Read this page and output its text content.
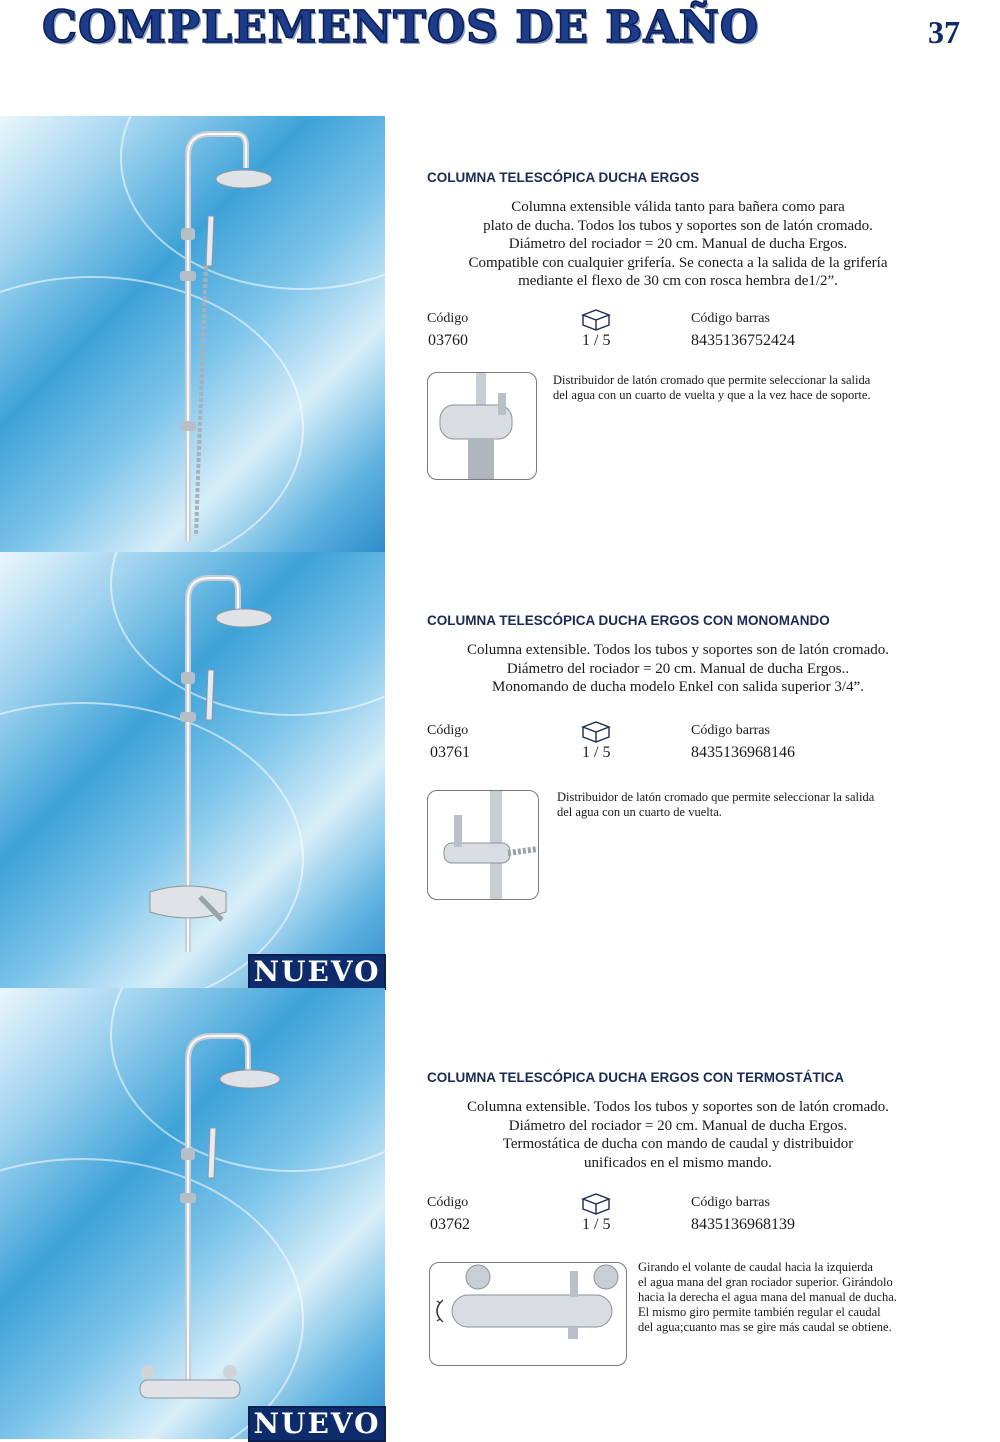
COMPLEMENTOS DE BAÑO	37
COLUMNA TELESCÓPICA DUCHA ERGOS
Columna extensible válida tanto para bañera como para
plato de ducha. Todos los tubos y soportes son de latón cromado.
Diámetro del rociador = 20 cm. Manual de ducha Ergos.
Compatible con cualquier grifería. Se conecta a la salida de la grifería
mediante el flexo de 30 cm con rosca hembra de1/2”.
Código	Código barras
03760	1 / 5	8435136752424
Distribuidor de latón cromado que permite seleccionar la salida
del agua con un cuarto de vuelta y que a la vez hace de soporte.
NUEVO
COLUMNA TELESCÓPICA DUCHA ERGOS CON MONOMANDO
Columna extensible. Todos los tubos y soportes son de latón cromado.
Diámetro del rociador = 20 cm. Manual de ducha Ergos..
Monomando de ducha modelo Enkel con salida superior 3/4”.
Código	Código barras
03761	1 / 5	8435136968146
Distribuidor de latón cromado que permite seleccionar la salida
del agua con un cuarto de vuelta.
NUEVO
COLUMNA TELESCÓPICA DUCHA ERGOS CON TERMOSTÁTICA
Columna extensible. Todos los tubos y soportes son de latón cromado.
Diámetro del rociador = 20 cm. Manual de ducha Ergos.
Termostática de ducha con mando de caudal y distribuidor
unificados en el mismo mando.
Código	Código barras
03762	1 / 5	8435136968139
Girando el volante de caudal hacia la izquierda
el agua mana del gran rociador superior. Girándolo
hacia la derecha el agua mana del manual de ducha.
El mismo giro permite también regular el caudal
del agua;cuanto mas se gire más caudal se obtiene.
